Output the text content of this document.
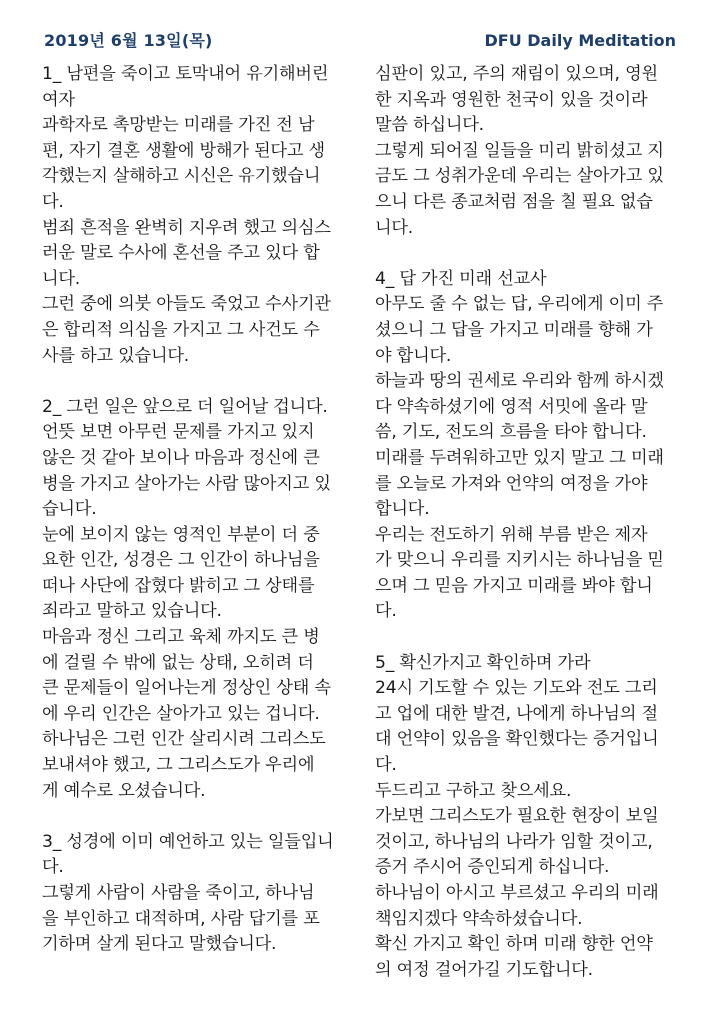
2019년 6월 13일(목)	DFU Daily Meditation
1_ 남편을 죽이고 토막내어 유기해버린
여자
과학자로 촉망받는 미래를 가진 전 남
편, 자기 결혼 생활에 방해가 된다고 생
각했는지 살해하고 시신은 유기했습니
다.
범죄 흔적을 완벽히 지우려 했고 의심스
러운 말로 수사에 혼선을 주고 있다 합
니다.
그런 중에 의붓 아들도 죽었고 수사기관
은 합리적 의심을 가지고 그 사건도 수
사를 하고 있습니다.
2_ 그런 일은 앞으로 더 일어날 겁니다.
언뜻 보면 아무런 문제를 가지고 있지
않은 것 같아 보이나 마음과 정신에 큰
병을 가지고 살아가는 사람 많아지고 있
습니다.
눈에 보이지 않는 영적인 부분이 더 중
요한 인간, 성경은 그 인간이 하나님을
떠나 사단에 잡혔다 밝히고 그 상태를
죄라고 말하고 있습니다.
마음과 정신 그리고 육체 까지도 큰 병
에 걸릴 수 밖에 없는 상태, 오히려 더
큰 문제들이 일어나는게 정상인 상태 속
에 우리 인간은 살아가고 있는 겁니다.
하나님은 그런 인간 살리시려 그리스도
보내셔야 했고, 그 그리스도가 우리에
게 예수로 오셨습니다.
3_ 성경에 이미 예언하고 있는 일들입니
다.
그렇게 사람이 사람을 죽이고, 하나님
을 부인하고 대적하며, 사람 답기를 포
기하며 살게 된다고 말했습니다.
심판이 있고, 주의 재림이 있으며, 영원
한 지옥과 영원한 천국이 있을 것이라
말씀 하십니다.
그렇게 되어질 일들을 미리 밝히셨고 지
금도 그 성취가운데 우리는 살아가고 있
으니 다른 종교처럼 점을 칠 필요 없습
니다.
4_ 답 가진 미래 선교사
아무도 줄 수 없는 답, 우리에게 이미 주
셨으니 그 답을 가지고 미래를 향해 가
야 합니다.
하늘과 땅의 권세로 우리와 함께 하시겠
다 약속하셨기에 영적 서밋에 올라 말
씀, 기도, 전도의 흐름을 타야 합니다.
미래를 두려워하고만 있지 말고 그 미래
를 오늘로 가져와 언약의 여정을 가야
합니다.
우리는 전도하기 위해 부름 받은 제자
가 맞으니 우리를 지키시는 하나님을 믿
으며 그 믿음 가지고 미래를 봐야 합니
다.
5_ 확신가지고 확인하며 가라
24시 기도할 수 있는 기도와 전도 그리
고 업에 대한 발견, 나에게 하나님의 절
대 언약이 있음을 확인했다는 증거입니
다.
두드리고 구하고 찾으세요.
가보면 그리스도가 필요한 현장이 보일
것이고, 하나님의 나라가 임할 것이고,
증거 주시어 증인되게 하십니다.
하나님이 아시고 부르셨고 우리의 미래
책임지겠다 약속하셨습니다.
확신 가지고 확인 하며 미래 향한 언약
의 여정 걸어가길 기도합니다.
